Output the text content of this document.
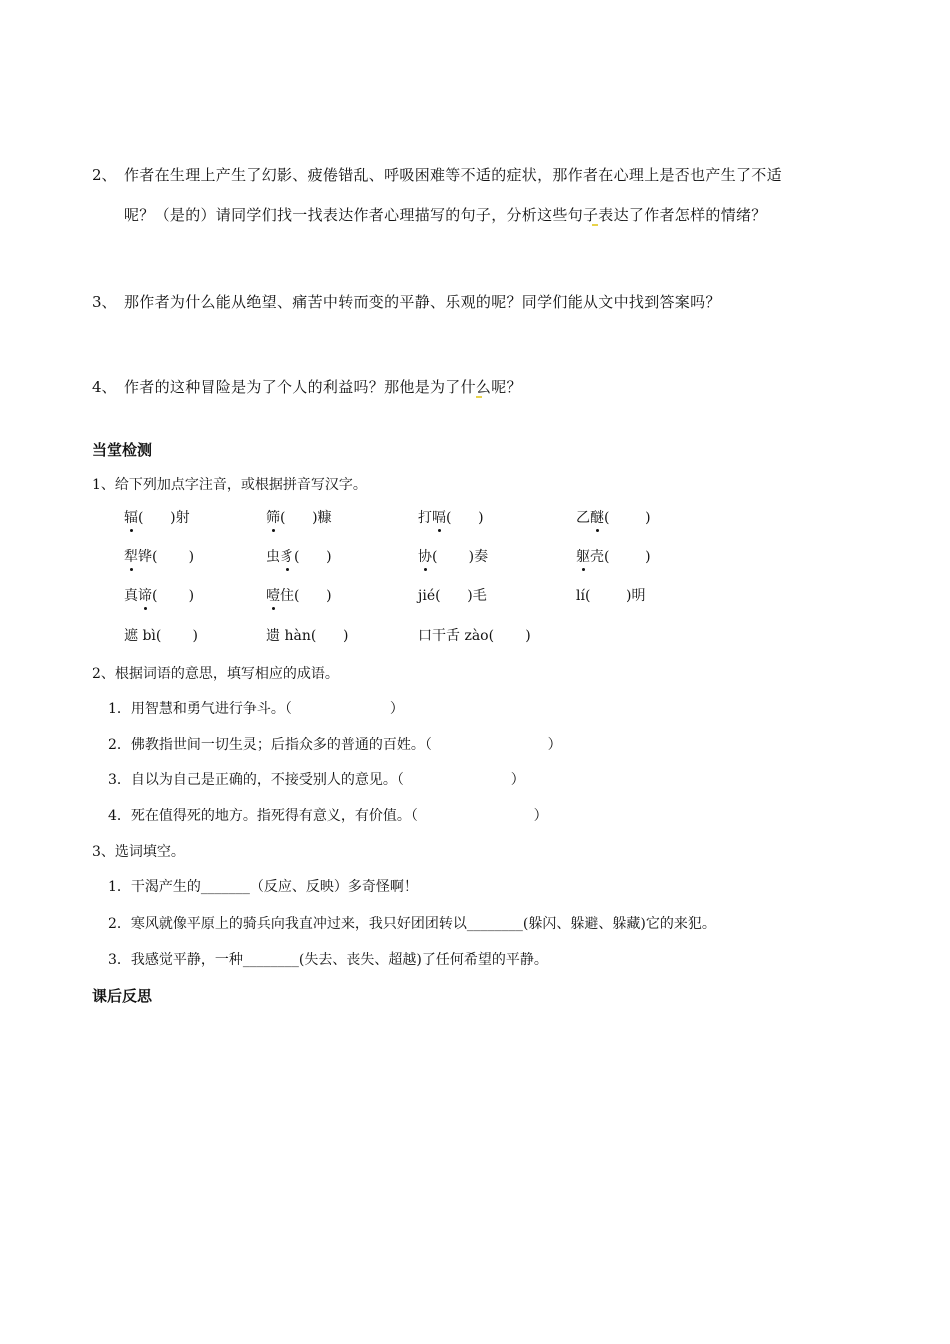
2、 作者在生理上产生了幻影、疲倦错乱、呼吸困难等不适的症状，那作者在心理上是否也产生了不适
呢？（是的）请同学们找一找表达作者心理描写的句子，分析这些句子表达了作者怎样的情绪？
3、 那作者为什么能从绝望、痛苦中转而变的平静、乐观的呢？同学们能从文中找到答案吗？
4、 作者的这种冒险是为了个人的利益吗？那他是为了什么呢？
当堂检测
1、给下列加点字注音，或根据拼音写汉字。
辐(      )射	筛(      )糠	打嗝(      )	乙醚(        )
犁铧(       )	虫豸(      )	协(       )奏	躯壳(        )
真谛(       )	噎住(      )	jié(      )毛	lí(        )明
遮 bì(       )	遗 hàn(      )	口干舌 zào(       )
2、根据词语的意思，填写相应的成语。
1．用智慧和勇气进行争斗。（                      ）
2．佛教指世间一切生灵；后指众多的普通的百姓。（                          ）
3．自以为自己是正确的，不接受别人的意见。（                        ）
4．死在值得死的地方。指死得有意义，有价值。（                          ）
3、选词填空。
1．干渴产生的_______（反应、反映）多奇怪啊！
2．寒风就像平原上的骑兵向我直冲过来，我只好团团转以________(躲闪、躲避、躲藏)它的来犯。
3．我感觉平静，一种________(失去、丧失、超越)了任何希望的平静。
课后反思
